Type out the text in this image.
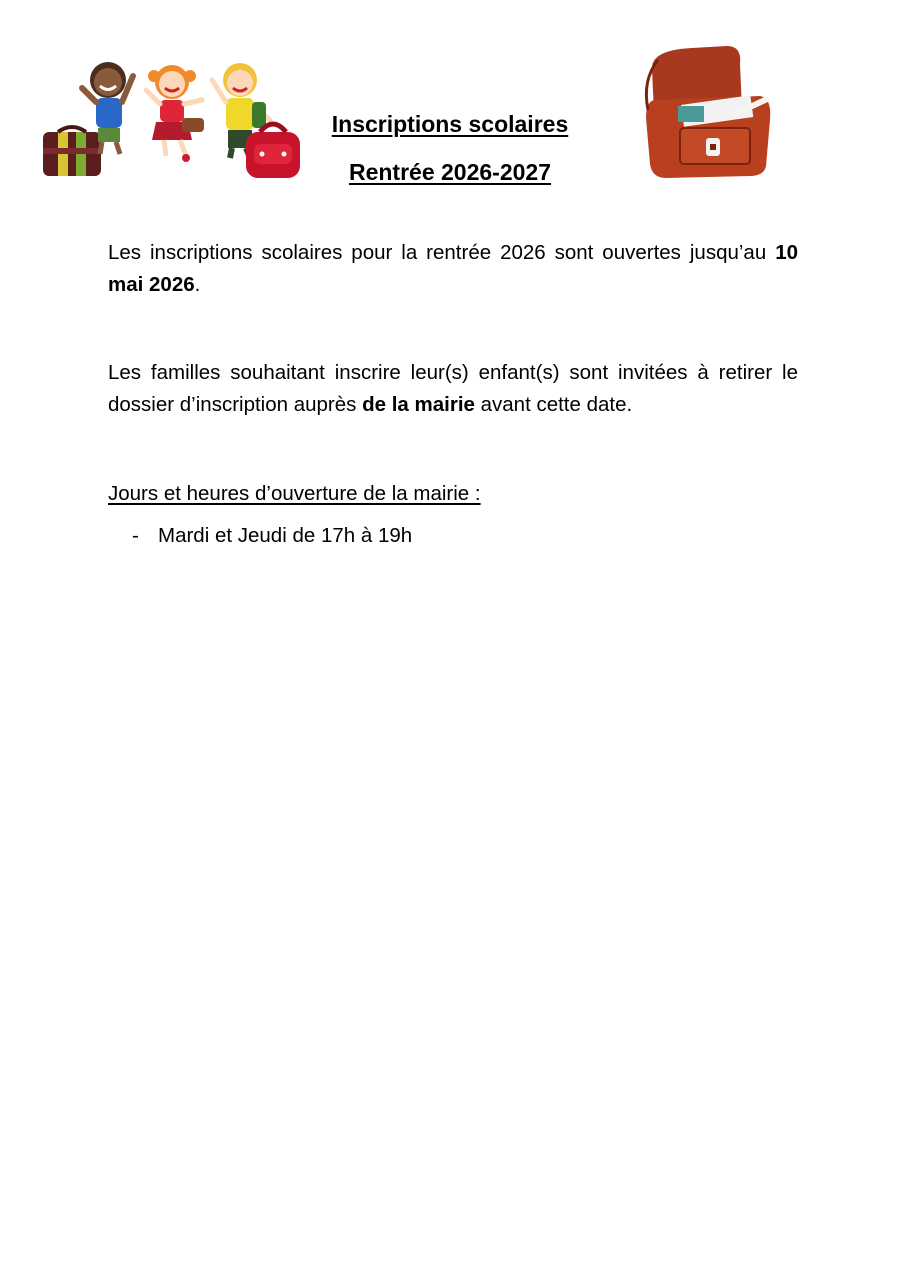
Inscriptions scolaires
Rentrée 2026-2027
Les inscriptions scolaires pour la rentrée 2026 sont ouvertes jusqu’au 10 mai 2026.
Les familles souhaitant inscrire leur(s) enfant(s) sont invitées à retirer le dossier d’inscription auprès de la mairie avant cette date.
Jours et heures d’ouverture de la mairie :
- Mardi et Jeudi de 17h à 19h
